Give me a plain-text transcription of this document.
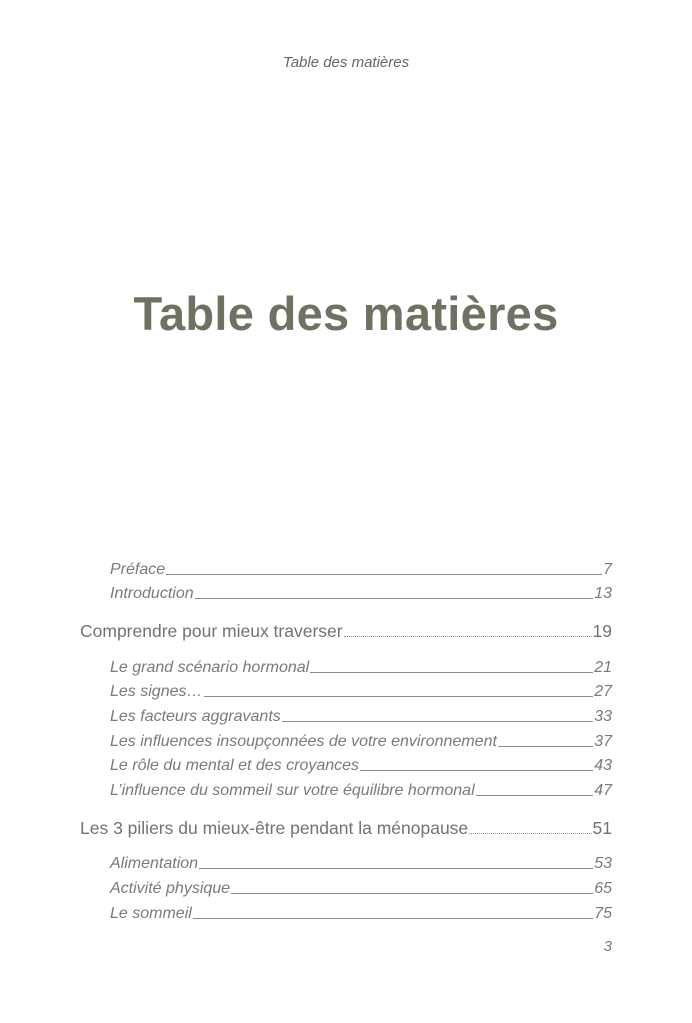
Table des matières
Table des matières
Préface	7
Introduction	13
Comprendre pour mieux traverser	19
Le grand scénario hormonal	21
Les signes…	27
Les facteurs aggravants	33
Les influences insoupçonnées de votre environnement	37
Le rôle du mental et des croyances	43
L’influence du sommeil sur votre équilibre hormonal	47
Les 3 piliers du mieux-être pendant la ménopause	51
Alimentation	53
Activité physique	65
Le sommeil	75
3
